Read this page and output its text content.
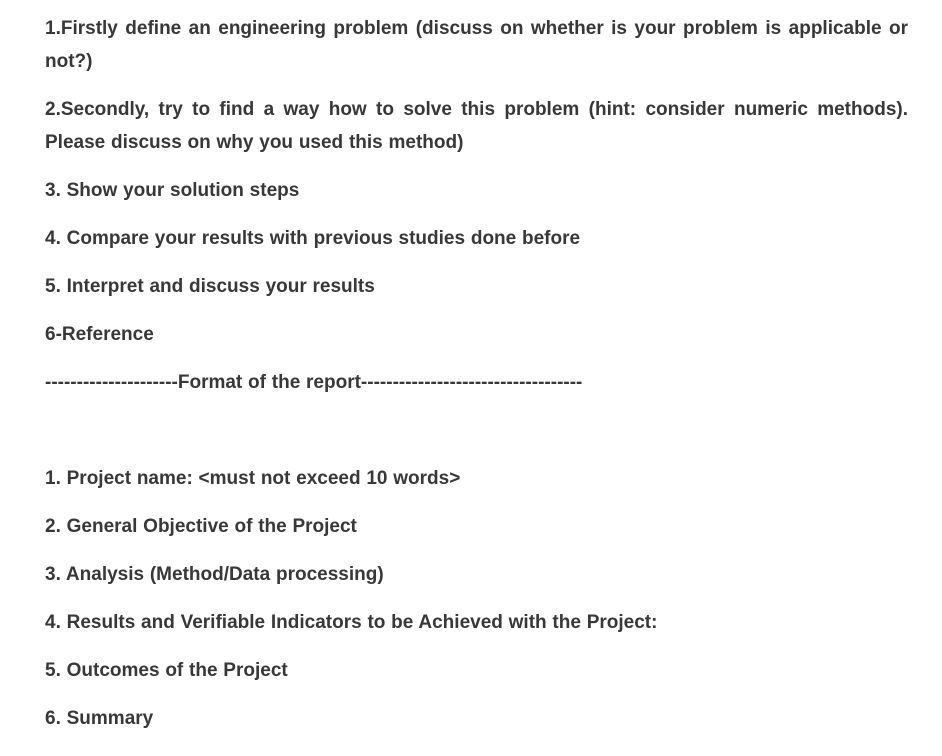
1.Firstly define an engineering problem (discuss on whether is your problem is applicable or not?)

2.Secondly, try to find a way how to solve this problem (hint: consider numeric methods). Please discuss on why you used this method)

3. Show your solution steps

4. Compare your results with previous studies done before

5. Interpret and discuss your results

6-Reference

---------------------Format of the report-----------------------------------

1. Project name: <must not exceed 10 words>

2. General Objective of the Project

3. Analysis (Method/Data processing)

4. Results and Verifiable Indicators to be Achieved with the Project:

5. Outcomes of the Project

6. Summary
